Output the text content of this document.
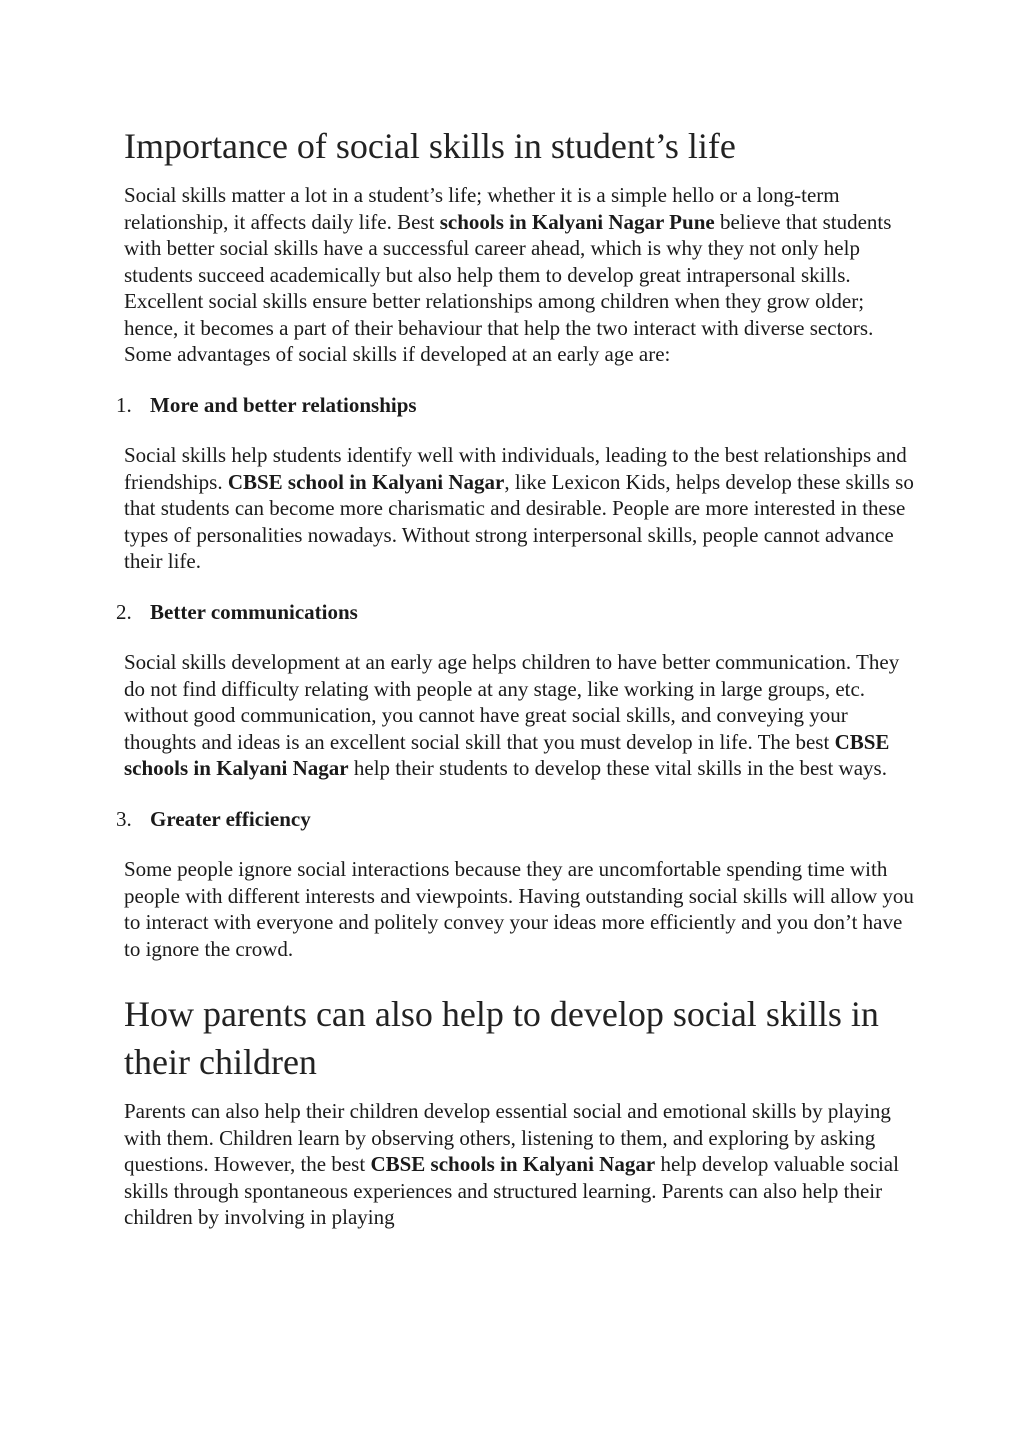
Importance of social skills in student’s life

Social skills matter a lot in a student’s life; whether it is a simple hello or a long-term relationship, it affects daily life. Best schools in Kalyani Nagar Pune believe that students with better social skills have a successful career ahead, which is why they not only help students succeed academically but also help them to develop great intrapersonal skills. Excellent social skills ensure better relationships among children when they grow older; hence, it becomes a part of their behaviour that help the two interact with diverse sectors. Some advantages of social skills if developed at an early age are:

1. More and better relationships

Social skills help students identify well with individuals, leading to the best relationships and friendships. CBSE school in Kalyani Nagar, like Lexicon Kids, helps develop these skills so that students can become more charismatic and desirable. People are more interested in these types of personalities nowadays. Without strong interpersonal skills, people cannot advance their life.

2. Better communications

Social skills development at an early age helps children to have better communication. They do not find difficulty relating with people at any stage, like working in large groups, etc. without good communication, you cannot have great social skills, and conveying your thoughts and ideas is an excellent social skill that you must develop in life. The best CBSE schools in Kalyani Nagar help their students to develop these vital skills in the best ways.

3. Greater efficiency

Some people ignore social interactions because they are uncomfortable spending time with people with different interests and viewpoints. Having outstanding social skills will allow you to interact with everyone and politely convey your ideas more efficiently and you don’t have to ignore the crowd.

How parents can also help to develop social skills in their children

Parents can also help their children develop essential social and emotional skills by playing with them. Children learn by observing others, listening to them, and exploring by asking questions. However, the best CBSE schools in Kalyani Nagar help develop valuable social skills through spontaneous experiences and structured learning. Parents can also help their children by involving in playing
